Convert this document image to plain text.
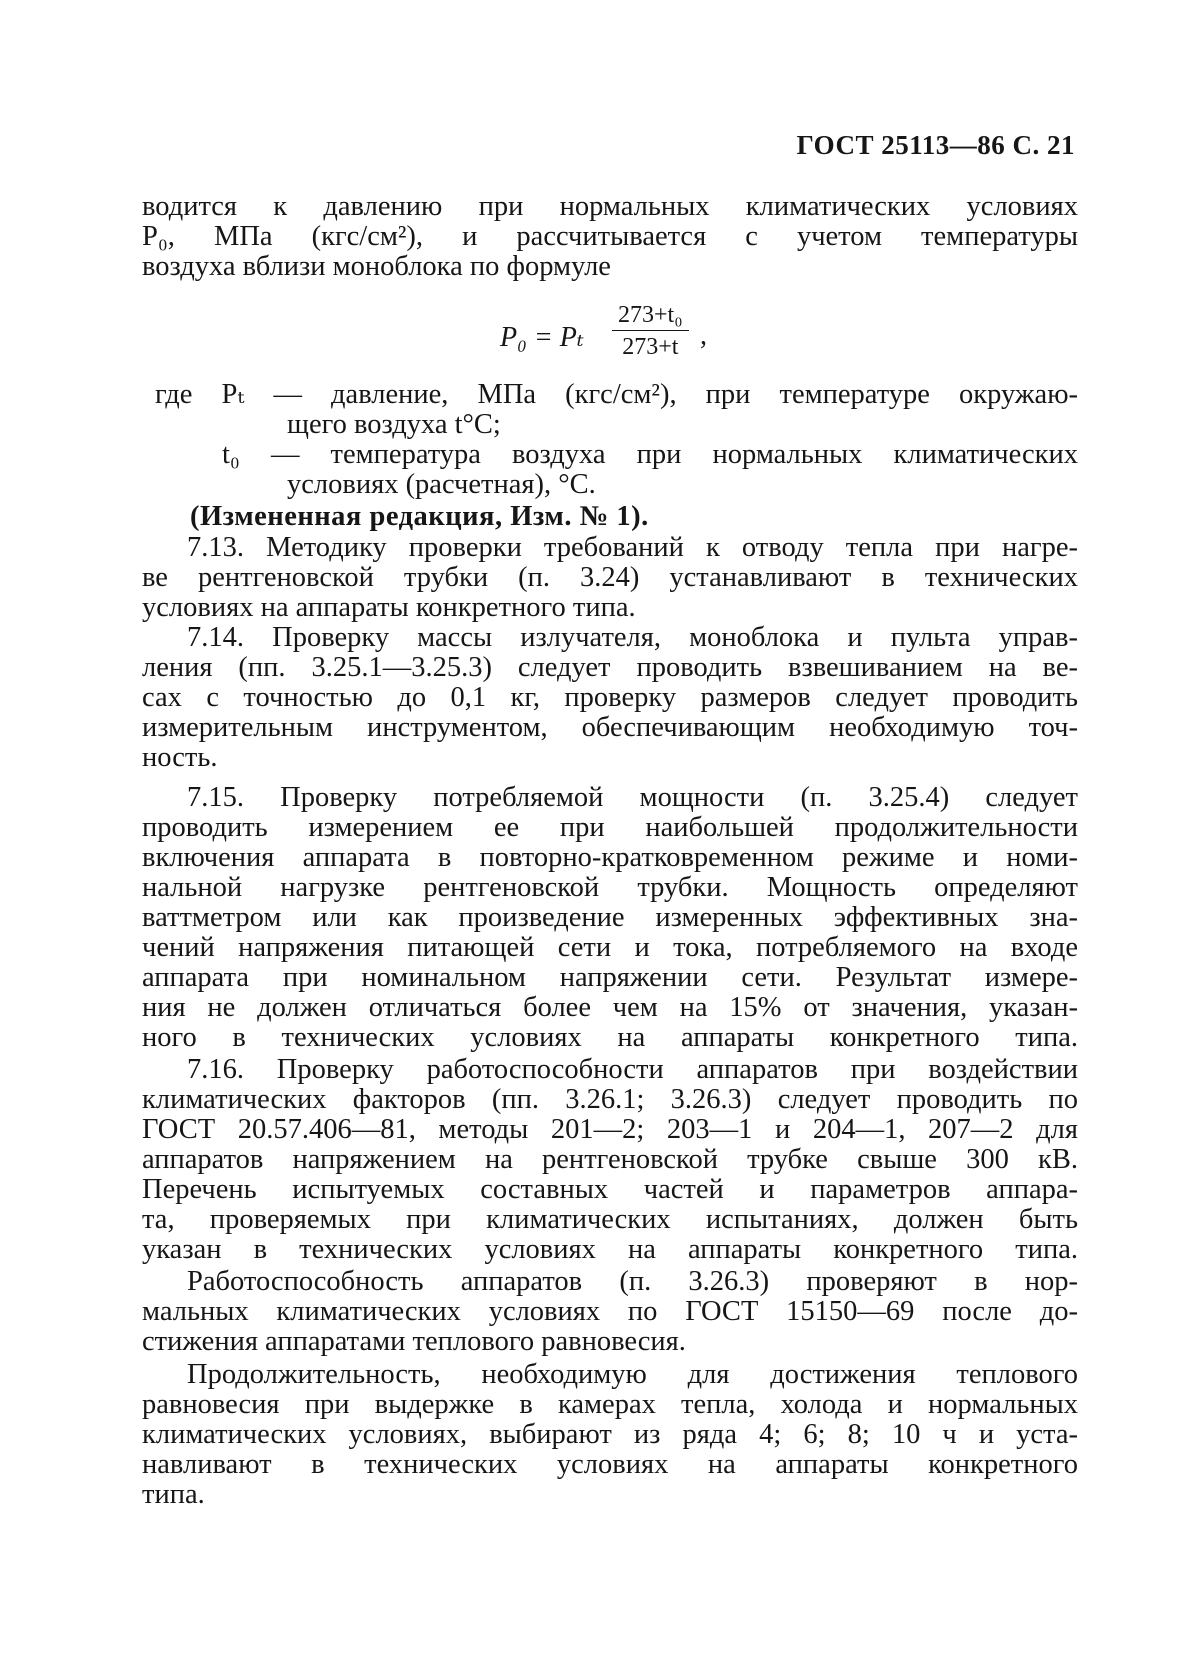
ГОСТ 25113—86 С. 21
водится к давлению при нормальных климатических условиях
P₀, МПа (кгс/см²), и рассчитывается с учетом температуры
воздуха вблизи моноблока по формуле
P₀ = Pₜ $\frac{\text{273+t₀}}{273+t}$ ,
где Pₜ — давление, МПа (кгс/см²), при температуре окружаю-
щего воздуха t°С;
t₀ — температура воздуха при нормальных климатических
условиях (расчетная), °С.
(Измененная редакция, Изм. № 1).
7.13. Методику проверки требований к отводу тепла при нагре-
ве рентгеновской трубки (п. 3.24) устанавливают в технических
условиях на аппараты конкретного типа.
7.14. Проверку массы излучателя, моноблока и пульта управ-
ления (пп. 3.25.1—3.25.3) следует проводить взвешиванием на ве-
сах с точностью до 0,1 кг, проверку размеров следует проводить
измерительным инструментом, обеспечивающим необходимую точ-
ность.
7.15. Проверку потребляемой мощности (п. 3.25.4) следует
проводить измерением ее при наибольшей продолжительности
включения аппарата в повторно-кратковременном режиме и номи-
нальной нагрузке рентгеновской трубки. Мощность определяют
ваттметром или как произведение измеренных эффективных зна-
чений напряжения питающей сети и тока, потребляемого на входе
аппарата при номинальном напряжении сети. Результат измере-
ния не должен отличаться более чем на 15% от значения, указан-
ного в технических условиях на аппараты конкретного типа.
7.16. Проверку работоспособности аппаратов при воздействии
климатических факторов (пп. 3.26.1; 3.26.3) следует проводить по
ГОСТ 20.57.406—81, методы 201—2; 203—1 и 204—1, 207—2 для
аппаратов напряжением на рентгеновской трубке свыше 300 кВ.
Перечень испытуемых составных частей и параметров аппара-
та, проверяемых при климатических испытаниях, должен быть
указан в технических условиях на аппараты конкретного типа.
Работоспособность аппаратов (п. 3.26.3) проверяют в нор-
мальных климатических условиях по ГОСТ 15150—69 после до-
стижения аппаратами теплового равновесия.
Продолжительность, необходимую для достижения теплового
равновесия при выдержке в камерах тепла, холода и нормальных
климатических условиях, выбирают из ряда 4; 6; 8; 10 ч и уста-
навливают в технических условиях на аппараты конкретного
типа.
